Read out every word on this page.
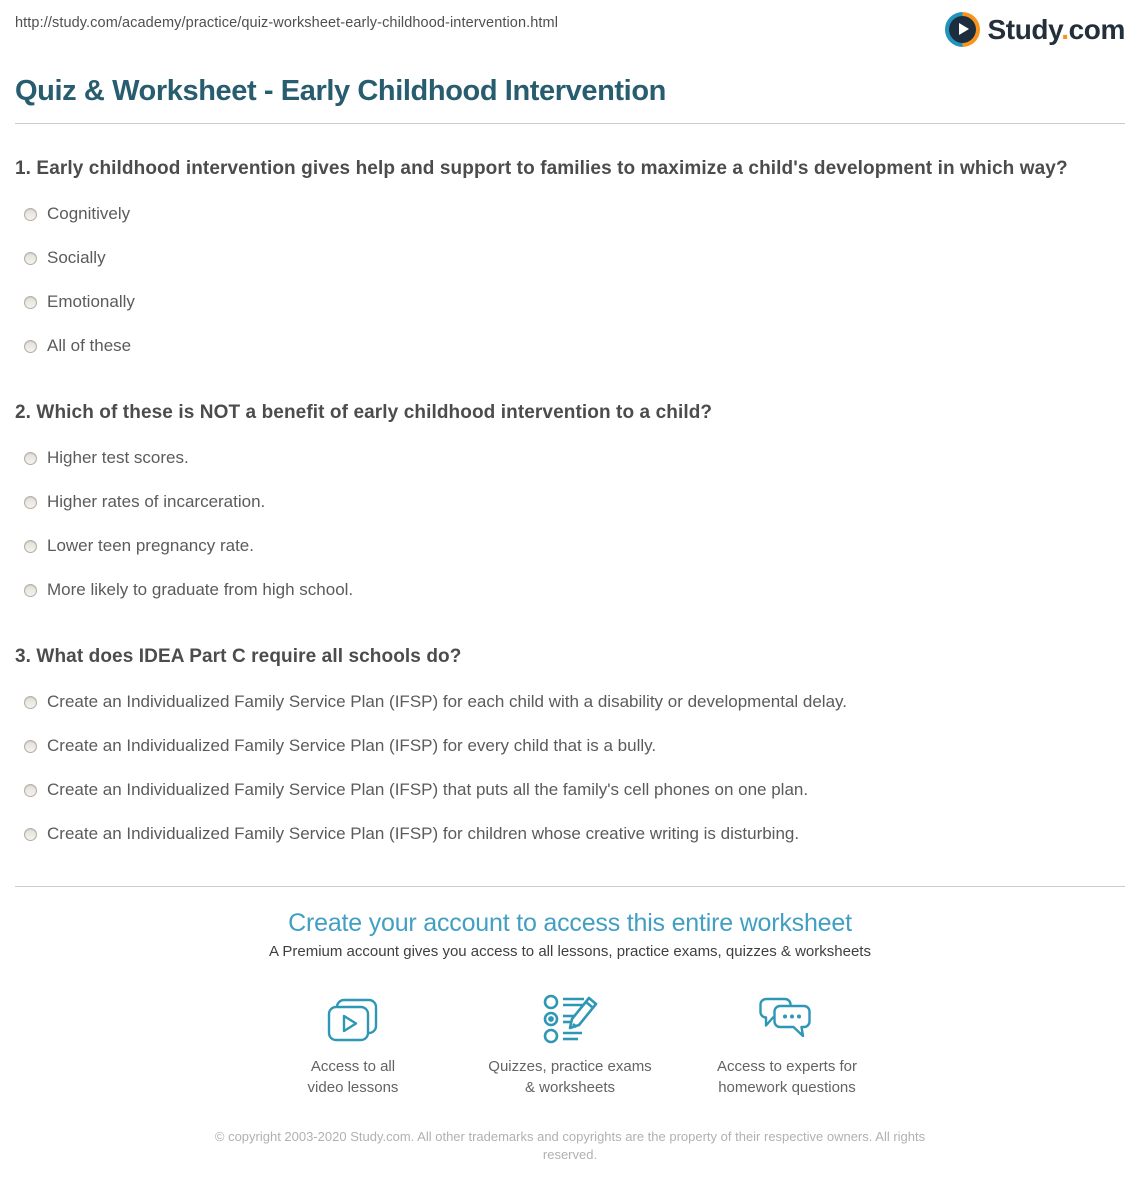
http://study.com/academy/practice/quiz-worksheet-early-childhood-intervention.html	Study.com
Quiz & Worksheet - Early Childhood Intervention

1. Early childhood intervention gives help and support to families to maximize a child's development in which way?

Cognitively
Socially
Emotionally
All of these

2. Which of these is NOT a benefit of early childhood intervention to a child?

Higher test scores.
Higher rates of incarceration.
Lower teen pregnancy rate.
More likely to graduate from high school.

3. What does IDEA Part C require all schools do?

Create an Individualized Family Service Plan (IFSP) for each child with a disability or developmental delay.
Create an Individualized Family Service Plan (IFSP) for every child that is a bully.
Create an Individualized Family Service Plan (IFSP) that puts all the family's cell phones on one plan.
Create an Individualized Family Service Plan (IFSP) for children whose creative writing is disturbing.
Create your account to access this entire worksheet

A Premium account gives you access to all lessons, practice exams, quizzes & worksheets

Access to all
video lessons
Quizzes, practice exams
& worksheets
Access to experts for
homework questions

© copyright 2003-2020 Study.com. All other trademarks and copyrights are the property of their respective owners. All rights reserved.
